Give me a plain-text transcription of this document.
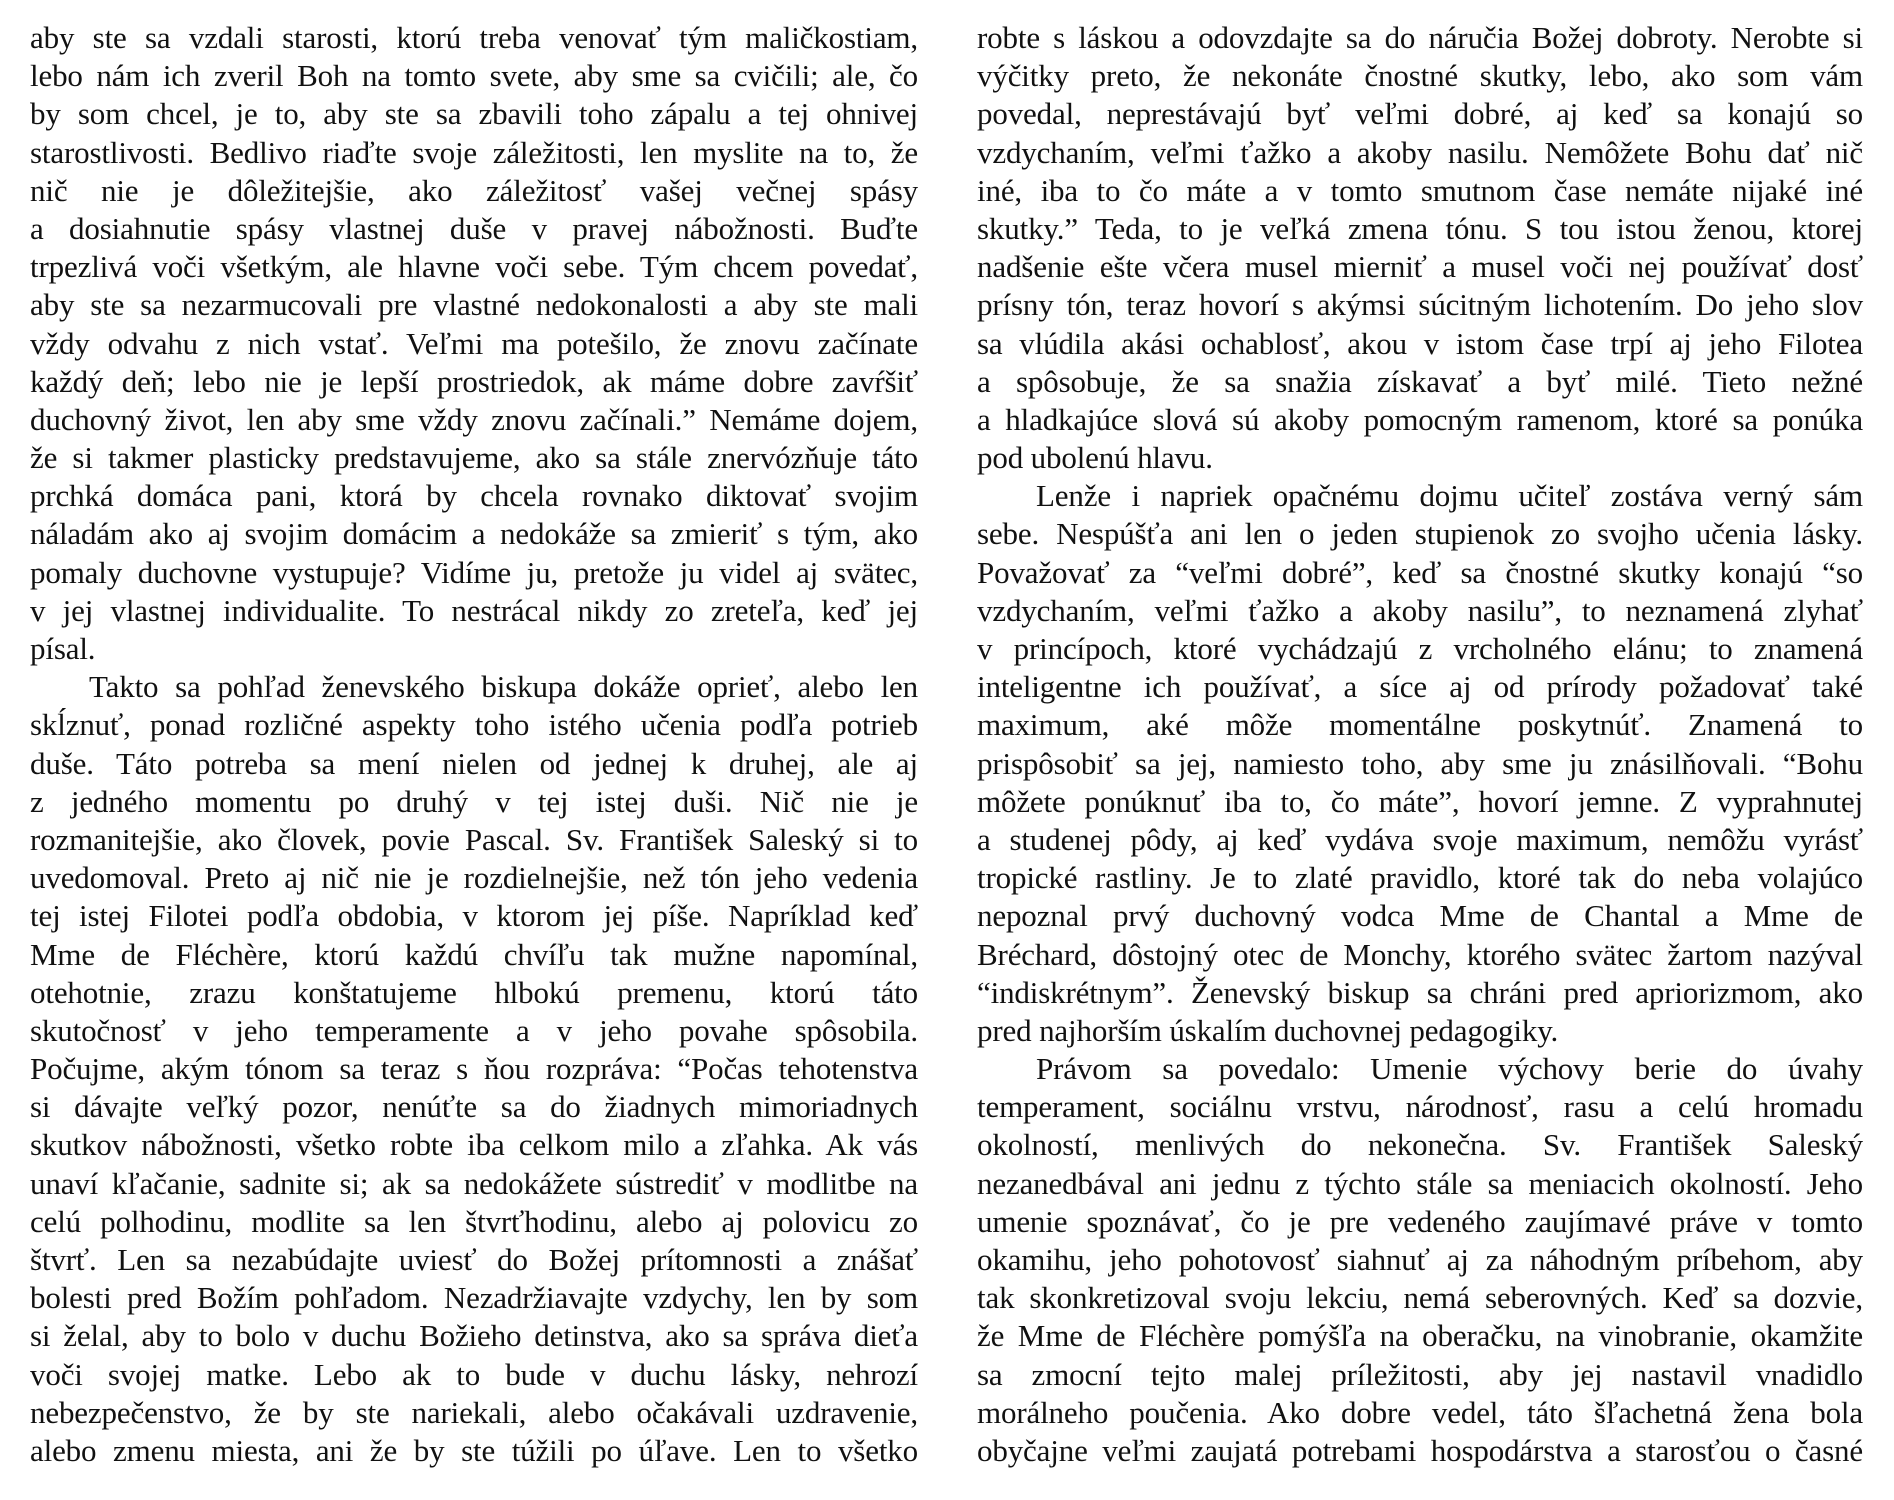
aby ste sa vzdali starosti, ktorú treba venovať tým maličkostiam,
lebo nám ich zveril Boh na tomto svete, aby sme sa cvičili; ale, čo
by som chcel, je to, aby ste sa zbavili toho zápalu a tej ohnivej
starostlivosti. Bedlivo riaďte svoje záležitosti, len myslite na to, že
nič nie je dôležitejšie, ako záležitosť vašej večnej spásy
a dosiahnutie spásy vlastnej duše v pravej nábožnosti. Buďte
trpezlivá voči všetkým, ale hlavne voči sebe. Tým chcem povedať,
aby ste sa nezarmucovali pre vlastné nedokonalosti a aby ste mali
vždy odvahu z nich vstať. Veľmi ma potešilo, že znovu začínate
každý deň; lebo nie je lepší prostriedok, ak máme dobre zavŕšiť
duchovný život, len aby sme vždy znovu začínali.” Nemáme dojem,
že si takmer plasticky predstavujeme, ako sa stále znervózňuje táto
prchká domáca pani, ktorá by chcela rovnako diktovať svojim
náladám ako aj svojim domácim a nedokáže sa zmieriť s tým, ako
pomaly duchovne vystupuje? Vidíme ju, pretože ju videl aj svätec,
v jej vlastnej individualite. To nestrácal nikdy zo zreteľa, keď jej
písal.
Takto sa pohľad ženevského biskupa dokáže oprieť, alebo len
skĺznuť, ponad rozličné aspekty toho istého učenia podľa potrieb
duše. Táto potreba sa mení nielen od jednej k druhej, ale aj
z jedného momentu po druhý v tej istej duši. Nič nie je
rozmanitejšie, ako človek, povie Pascal. Sv. František Saleský si to
uvedomoval. Preto aj nič nie je rozdielnejšie, než tón jeho vedenia
tej istej Filotei podľa obdobia, v ktorom jej píše. Napríklad keď
Mme de Fléchère, ktorú každú chvíľu tak mužne napomínal,
otehotnie, zrazu konštatujeme hlbokú premenu, ktorú táto
skutočnosť v jeho temperamente a v jeho povahe spôsobila.
Počujme, akým tónom sa teraz s ňou rozpráva: “Počas tehotenstva
si dávajte veľký pozor, nenúťte sa do žiadnych mimoriadnych
skutkov nábožnosti, všetko robte iba celkom milo a zľahka. Ak vás
unaví kľačanie, sadnite si; ak sa nedokážete sústrediť v modlitbe na
celú polhodinu, modlite sa len štvrťhodinu, alebo aj polovicu zo
štvrť. Len sa nezabúdajte uviesť do Božej prítomnosti a znášať
bolesti pred Božím pohľadom. Nezadržiavajte vzdychy, len by som
si želal, aby to bolo v duchu Božieho detinstva, ako sa správa dieťa
voči svojej matke. Lebo ak to bude v duchu lásky, nehrozí
nebezpečenstvo, že by ste nariekali, alebo očakávali uzdravenie,
alebo zmenu miesta, ani že by ste túžili po úľave. Len to všetko
robte s láskou a odovzdajte sa do náručia Božej dobroty. Nerobte si
výčitky preto, že nekonáte čnostné skutky, lebo, ako som vám
povedal, neprestávajú byť veľmi dobré, aj keď sa konajú so
vzdychaním, veľmi ťažko a akoby nasilu. Nemôžete Bohu dať nič
iné, iba to čo máte a v tomto smutnom čase nemáte nijaké iné
skutky.” Teda, to je veľká zmena tónu. S tou istou ženou, ktorej
nadšenie ešte včera musel mierniť a musel voči nej používať dosť
prísny tón, teraz hovorí s akýmsi súcitným lichotením. Do jeho slov
sa vlúdila akási ochablosť, akou v istom čase trpí aj jeho Filotea
a spôsobuje, že sa snažia získavať a byť milé. Tieto nežné
a hladkajúce slová sú akoby pomocným ramenom, ktoré sa ponúka
pod ubolenú hlavu.
Lenže i napriek opačnému dojmu učiteľ zostáva verný sám
sebe. Nespúšťa ani len o jeden stupienok zo svojho učenia lásky.
Považovať za “veľmi dobré”, keď sa čnostné skutky konajú “so
vzdychaním, veľmi ťažko a akoby nasilu”, to neznamená zlyhať
v princípoch, ktoré vychádzajú z vrcholného elánu; to znamená
inteligentne ich používať, a síce aj od prírody požadovať také
maximum, aké môže momentálne poskytnúť. Znamená to
prispôsobiť sa jej, namiesto toho, aby sme ju znásilňovali. “Bohu
môžete ponúknuť iba to, čo máte”, hovorí jemne. Z vyprahnutej
a studenej pôdy, aj keď vydáva svoje maximum, nemôžu vyrásť
tropické rastliny. Je to zlaté pravidlo, ktoré tak do neba volajúco
nepoznal prvý duchovný vodca Mme de Chantal a Mme de
Bréchard, dôstojný otec de Monchy, ktorého svätec žartom nazýval
“indiskrétnym”. Ženevský biskup sa chráni pred apriorizmom, ako
pred najhorším úskalím duchovnej pedagogiky.
Právom sa povedalo: Umenie výchovy berie do úvahy
temperament, sociálnu vrstvu, národnosť, rasu a celú hromadu
okolností, menlivých do nekonečna. Sv. František Saleský
nezanedbával ani jednu z týchto stále sa meniacich okolností. Jeho
umenie spoznávať, čo je pre vedeného zaujímavé práve v tomto
okamihu, jeho pohotovosť siahnuť aj za náhodným príbehom, aby
tak skonkretizoval svoju lekciu, nemá seberovných. Keď sa dozvie,
že Mme de Fléchère pomýšľa na oberačku, na vinobranie, okamžite
sa zmocní tejto malej príležitosti, aby jej nastavil vnadidlo
morálneho poučenia. Ako dobre vedel, táto šľachetná žena bola
obyčajne veľmi zaujatá potrebami hospodárstva a starosťou o časné
